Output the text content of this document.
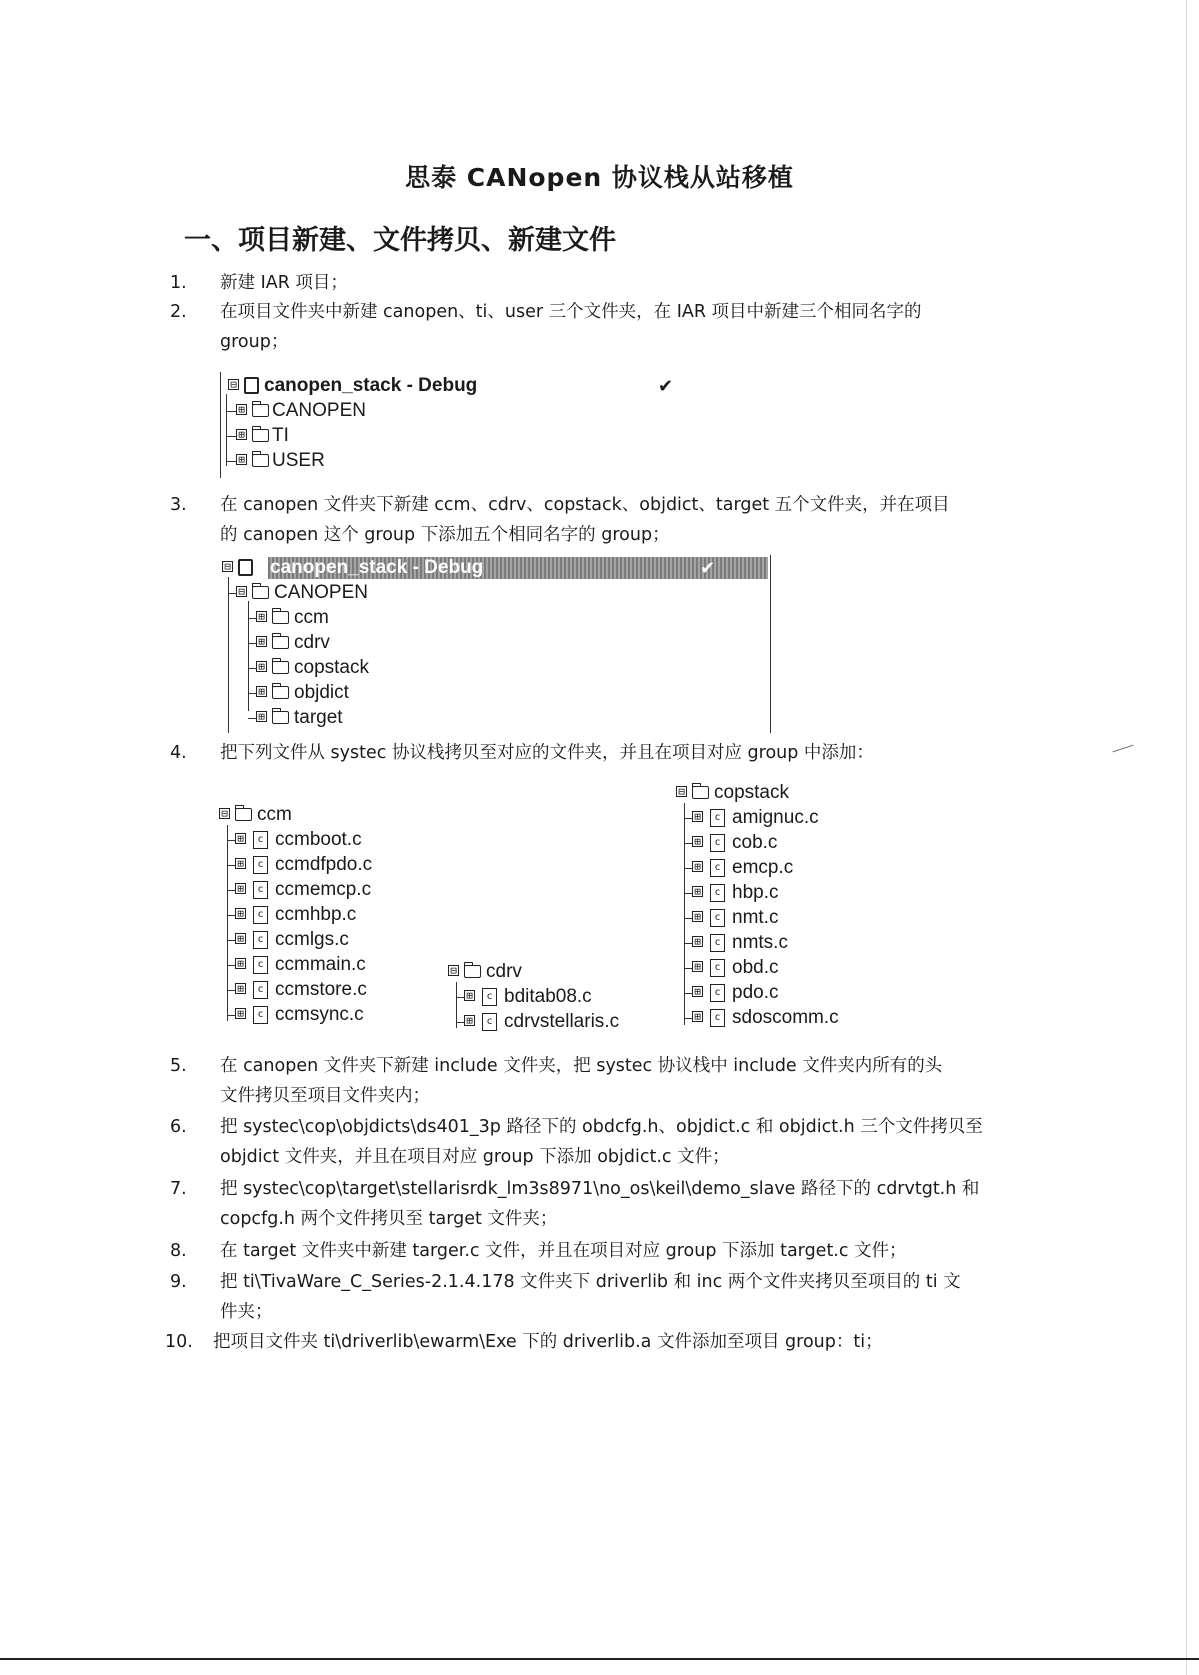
思泰 CANopen 协议栈从站移植
一、项目新建、文件拷贝、新建文件
1. 新建 IAR 项目；
2. 在项目文件夹中新建 canopen、ti、user 三个文件夹，在 IAR 项目中新建三个相同名字的
group；
⊟ canopen_stack - Debug	✔
⊞ CANOPEN
⊞ TI
⊞ USER
3. 在 canopen 文件夹下新建 ccm、cdrv、copstack、objdict、target 五个文件夹，并在项目
的 canopen 这个 group 下添加五个相同名字的 group；
⊟ canopen_stack - Debug	✔
⊟ CANOPEN
⊞ ccm
⊞ cdrv
⊞ copstack
⊞ objdict
⊞ target
4. 把下列文件从 systec 协议栈拷贝至对应的文件夹，并且在项目对应 group 中添加：
⊟ ccm
⊞	c ccmboot.c
⊞	c ccmdfpdo.c
⊞	c ccmemcp.c
⊞	c ccmhbp.c
⊞	c ccmlgs.c
⊞	c ccmmain.c
⊞	c ccmstore.c
⊞	c ccmsync.c
⊟ cdrv
⊞	c bditab08.c
⊞	c cdrvstellaris.c
⊟ copstack
⊞	c amignuc.c
⊞	c cob.c
⊞	c emcp.c
⊞	c hbp.c
⊞	c nmt.c
⊞	c nmts.c
⊞	c obd.c
⊞	c pdo.c
⊞	c sdoscomm.c
5. 在 canopen 文件夹下新建 include 文件夹，把 systec 协议栈中 include 文件夹内所有的头
文件拷贝至项目文件夹内；
6. 把 systec\cop\objdicts\ds401_3p 路径下的 obdcfg.h、objdict.c 和 objdict.h 三个文件拷贝至
objdict 文件夹，并且在项目对应 group 下添加 objdict.c 文件；
7. 把 systec\cop\target\stellarisrdk_lm3s8971\no_os\keil\demo_slave 路径下的 cdrvtgt.h 和
copcfg.h 两个文件拷贝至 target 文件夹；
8. 在 target 文件夹中新建 targer.c 文件，并且在项目对应 group 下添加 target.c 文件；
9. 把 ti\TivaWare_C_Series-2.1.4.178 文件夹下 driverlib 和 inc 两个文件夹拷贝至项目的 ti 文
件夹；
10. 把项目文件夹 ti\driverlib\ewarm\Exe 下的 driverlib.a 文件添加至项目 group：ti；
